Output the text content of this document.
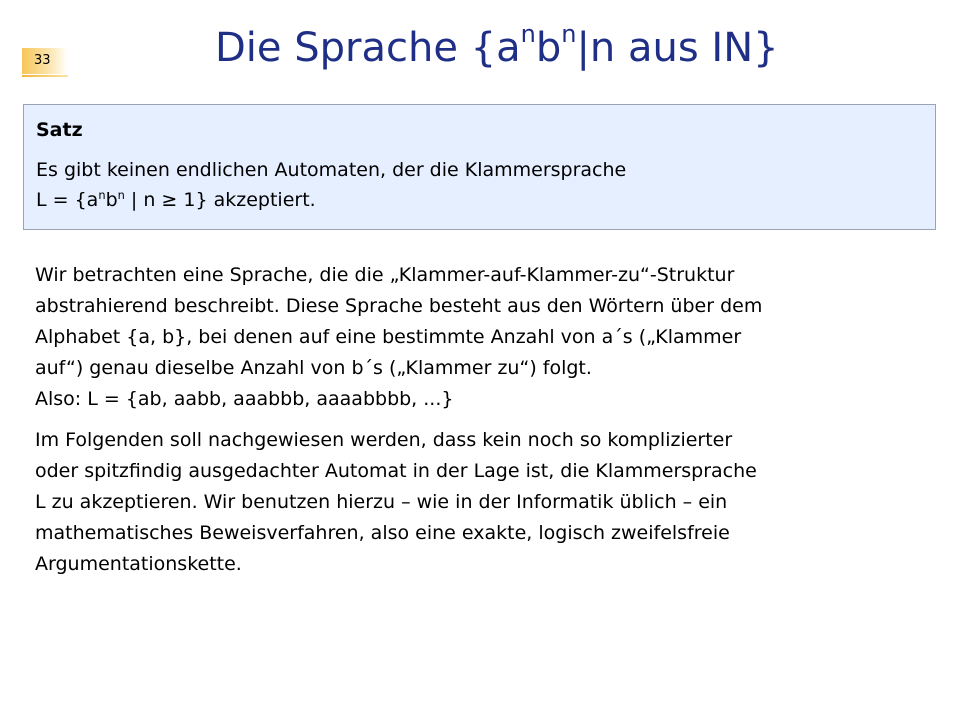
33	Die Sprache {$a^nb^n|n$ aus IN}

Satz

Es gibt keinen endlichen Automaten, der die Klammersprache
$L = \{a^nb^n$ | n ≥ 1} akzeptiert.

Wir betrachten eine Sprache, die die „Klammer-auf-Klammer-zu“-Struktur
abstrahierend beschreibt. Diese Sprache besteht aus den Wörtern über dem
Alphabet {a, b}, bei denen auf eine bestimmte Anzahl von a´s („Klammer
auf“) genau dieselbe Anzahl von b´s („Klammer zu“) folgt.
Also: L = {ab, aabb, aaabbb, aaaabbbb, ...}

Im Folgenden soll nachgewiesen werden, dass kein noch so komplizierter
oder spitzfindig ausgedachter Automat in der Lage ist, die Klammersprache
L zu akzeptieren. Wir benutzen hierzu – wie in der Informatik üblich – ein
mathematisches Beweisverfahren, also eine exakte, logisch zweifelsfreie
Argumentationskette.
